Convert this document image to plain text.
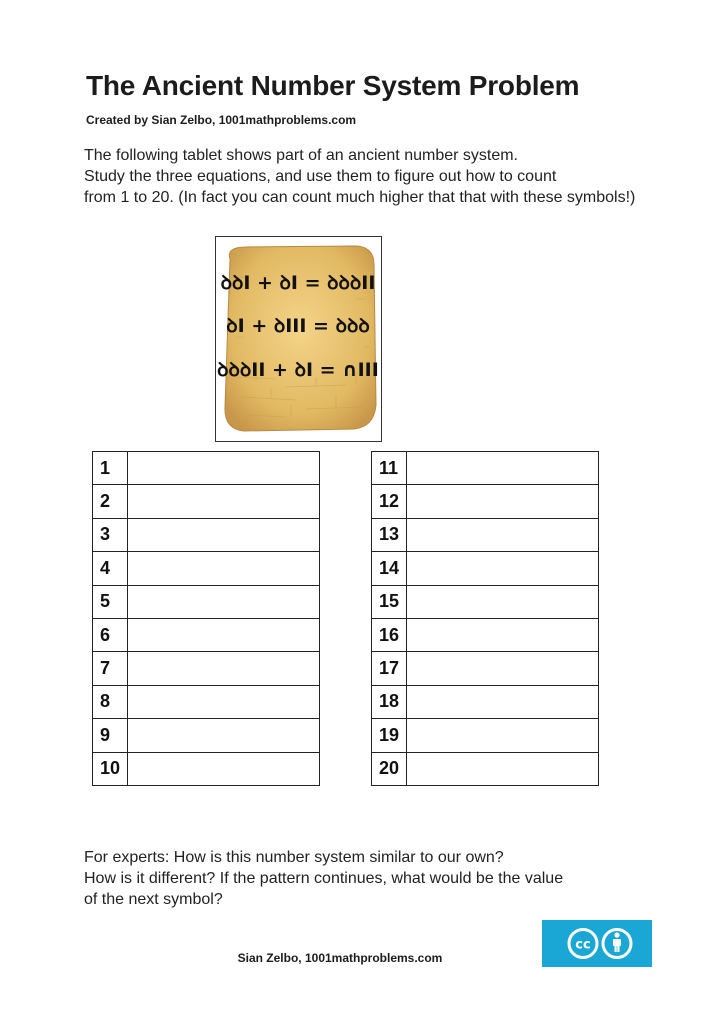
The Ancient Number System Problem
Created by Sian Zelbo, 1001mathproblems.com
The following tablet shows part of an ancient number system.
Study the three equations, and use them to figure out how to count
from 1 to 20. (In fact you can count much higher that that with these symbols!)
ꝺꝺI + ꝺI = ꝺꝺꝺII
ꝺI + ꝺIII = ꝺꝺꝺ
ꝺꝺꝺII + ꝺI = ∩III
1	
2	
3	
4	
5	
6	
7	
8	
9	
10	
11	
12	
13	
14	
15	
16	
17	
18	
19	
20	
For experts: How is this number system similar to our own?
How is it different? If the pattern continues, what would be the value
of the next symbol?
Sian Zelbo, 1001mathproblems.com
cc
